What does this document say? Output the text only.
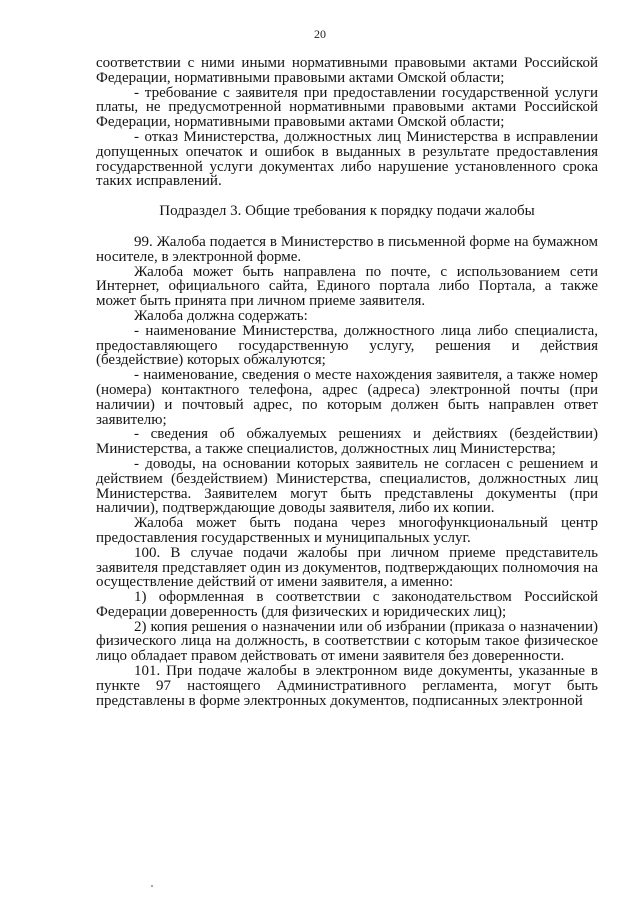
20

соответствии с ними иными нормативными правовыми актами Российской Федерации, нормативными правовыми актами Омской области;

- требование с заявителя при предоставлении государственной услуги платы, не предусмотренной нормативными правовыми актами Российской Федерации, нормативными правовыми актами Омской области;

- отказ Министерства, должностных лиц Министерства в исправлении допущенных опечаток и ошибок в выданных в результате предоставления государственной услуги документах либо нарушение установленного срока таких исправлений.

Подраздел 3. Общие требования к порядку подачи жалобы

99. Жалоба подается в Министерство в письменной форме на бумажном носителе, в электронной форме.

Жалоба может быть направлена по почте, с использованием сети Интернет, официального сайта, Единого портала либо Портала, а также может быть принята при личном приеме заявителя.

Жалоба должна содержать:

- наименование Министерства, должностного лица либо специалиста, предоставляющего государственную услугу, решения и действия (бездействие) которых обжалуются;

- наименование, сведения о месте нахождения заявителя, а также номер (номера) контактного телефона, адрес (адреса) электронной почты (при наличии) и почтовый адрес, по которым должен быть направлен ответ заявителю;

- сведения об обжалуемых решениях и действиях (бездействии) Министерства, а также специалистов, должностных лиц Министерства;

- доводы, на основании которых заявитель не согласен с решением и действием (бездействием) Министерства, специалистов, должностных лиц Министерства. Заявителем могут быть представлены документы (при наличии), подтверждающие доводы заявителя, либо их копии.

Жалоба может быть подана через многофункциональный центр предоставления государственных и муниципальных услуг.

100. В случае подачи жалобы при личном приеме представитель заявителя представляет один из документов, подтверждающих полномочия на осуществление действий от имени заявителя, а именно:

1) оформленная в соответствии с законодательством Российской Федерации доверенность (для физических и юридических лиц);

2) копия решения о назначении или об избрании (приказа о назначении) физического лица на должность, в соответствии с которым такое физическое лицо обладает правом действовать от имени заявителя без доверенности.

101. При подаче жалобы в электронном виде документы, указанные в пункте 97 настоящего Административного регламента, могут быть представлены в форме электронных документов, подписанных электронной
